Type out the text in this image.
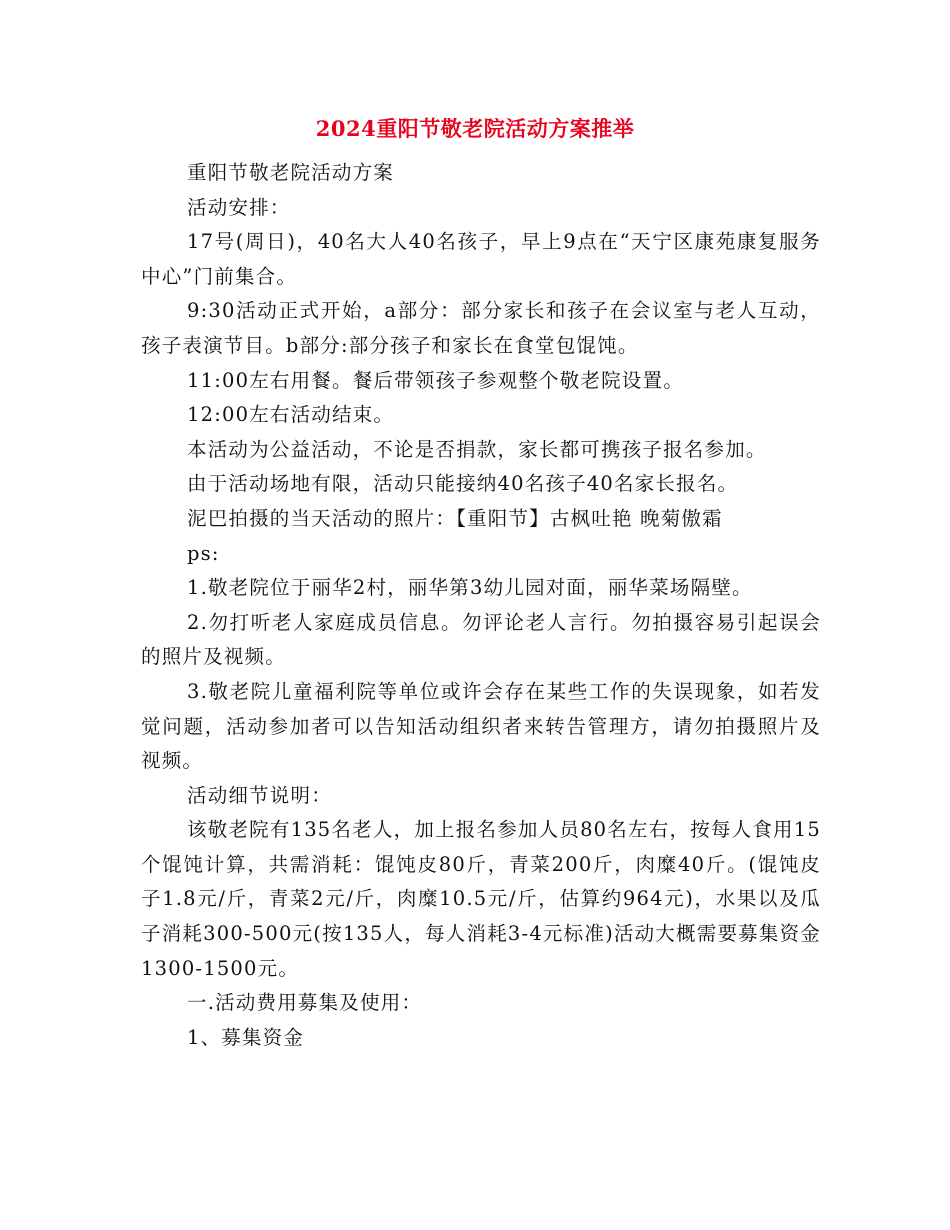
2024重阳节敬老院活动方案推举

重阳节敬老院活动方案

活动安排：

17号(周日)，40名大人40名孩子，早上9点在“天宁区康苑康复服务中心”门前集合。

9:30活动正式开始，a部分：部分家长和孩子在会议室与老人互动，孩子表演节目。b部分:部分孩子和家长在食堂包馄饨。

11:00左右用餐。餐后带领孩子参观整个敬老院设置。

12:00左右活动结束。

本活动为公益活动，不论是否捐款，家长都可携孩子报名参加。

由于活动场地有限，活动只能接纳40名孩子40名家长报名。

泥巴拍摄的当天活动的照片：【重阳节】古枫吐艳 晚菊傲霜

ps:

1.敬老院位于丽华2村，丽华第3幼儿园对面，丽华菜场隔壁。

2.勿打听老人家庭成员信息。勿评论老人言行。勿拍摄容易引起误会的照片及视频。

3.敬老院儿童福利院等单位或许会存在某些工作的失误现象，如若发觉问题，活动参加者可以告知活动组织者来转告管理方，请勿拍摄照片及视频。

活动细节说明：

该敬老院有135名老人，加上报名参加人员80名左右，按每人食用15个馄饨计算，共需消耗：馄饨皮80斤，青菜200斤，肉糜40斤。(馄饨皮子1.8元/斤，青菜2元/斤，肉糜10.5元/斤，估算约964元)，水果以及瓜子消耗300-500元(按135人，每人消耗3-4元标准)活动大概需要募集资金1300-1500元。

一.活动费用募集及使用：

1、募集资金
